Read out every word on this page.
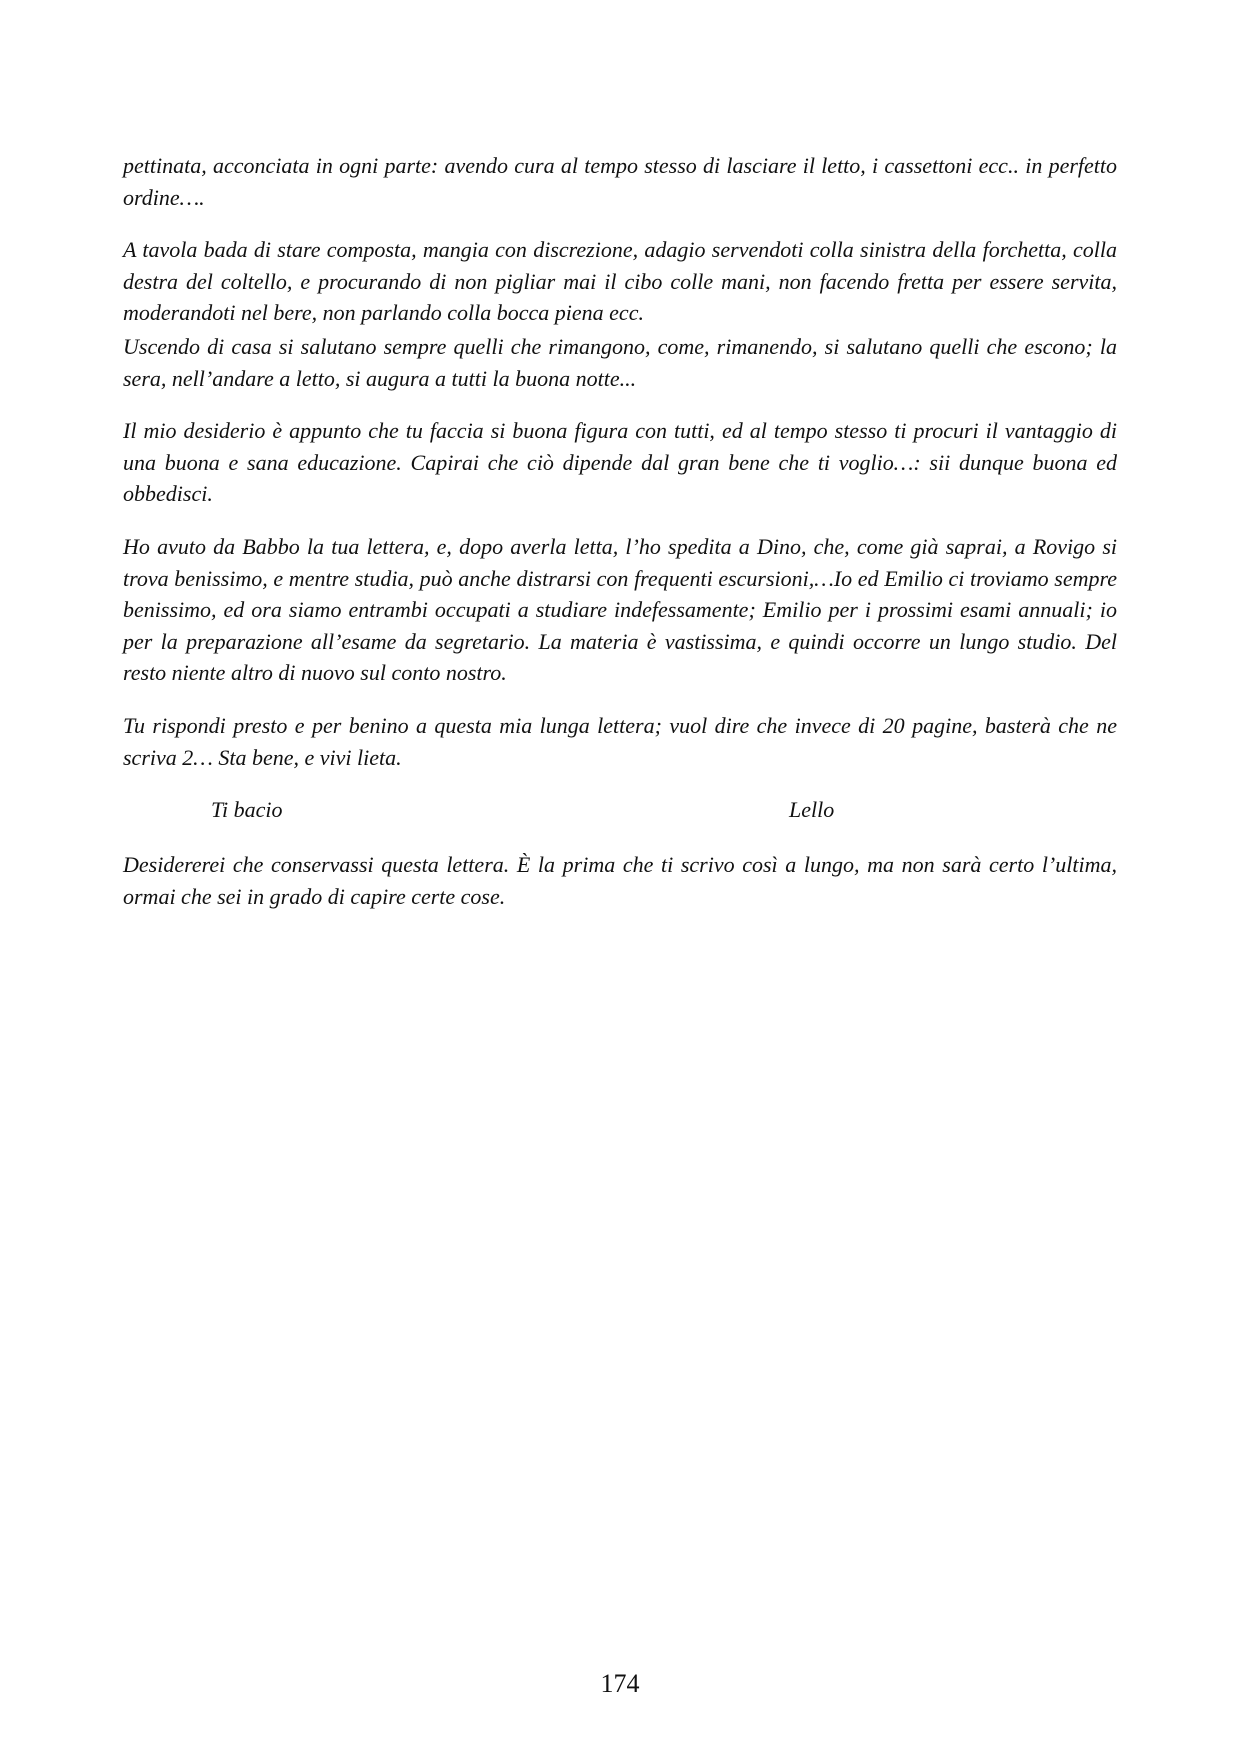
pettinata, acconciata in ogni parte: avendo cura al tempo stesso di lasciare il letto, i cassettoni ecc.. in perfetto ordine….

A tavola bada di stare composta, mangia con discrezione, adagio servendoti colla sinistra della forchetta, colla destra del coltello, e procurando di non pigliar mai il cibo colle mani, non facendo fretta per essere servita, moderandoti nel bere, non parlando colla bocca piena ecc.

Uscendo di casa si salutano sempre quelli che rimangono, come, rimanendo, si salutano quelli che escono; la sera, nell’andare a letto, si augura a tutti la buona notte...

Il mio desiderio è appunto che tu faccia si buona figura con tutti, ed al tempo stesso ti procuri il vantaggio di una buona e sana educazione. Capirai che ciò dipende dal gran bene che ti voglio…: sii dunque buona ed obbedisci.

Ho avuto da Babbo la tua lettera, e, dopo averla letta, l’ho spedita a Dino, che, come già saprai, a Rovigo si trova benissimo, e mentre studia, può anche distrarsi con frequenti escursioni,…Io ed Emilio ci troviamo sempre benissimo, ed ora siamo entrambi occupati a studiare indefessamente; Emilio per i prossimi esami annuali; io per la preparazione all’esame da segretario. La materia è vastissima, e quindi occorre un lungo studio. Del resto niente altro di nuovo sul conto nostro.

Tu rispondi presto e per benino a questa mia lunga lettera; vuol dire che invece di 20 pagine, basterà che ne scriva 2… Sta bene, e vivi lieta.

Ti bacio	Lello

Desidererei che conservassi questa lettera. È la prima che ti scrivo così a lungo, ma non sarà certo l’ultima, ormai che sei in grado di capire certe cose.

174
